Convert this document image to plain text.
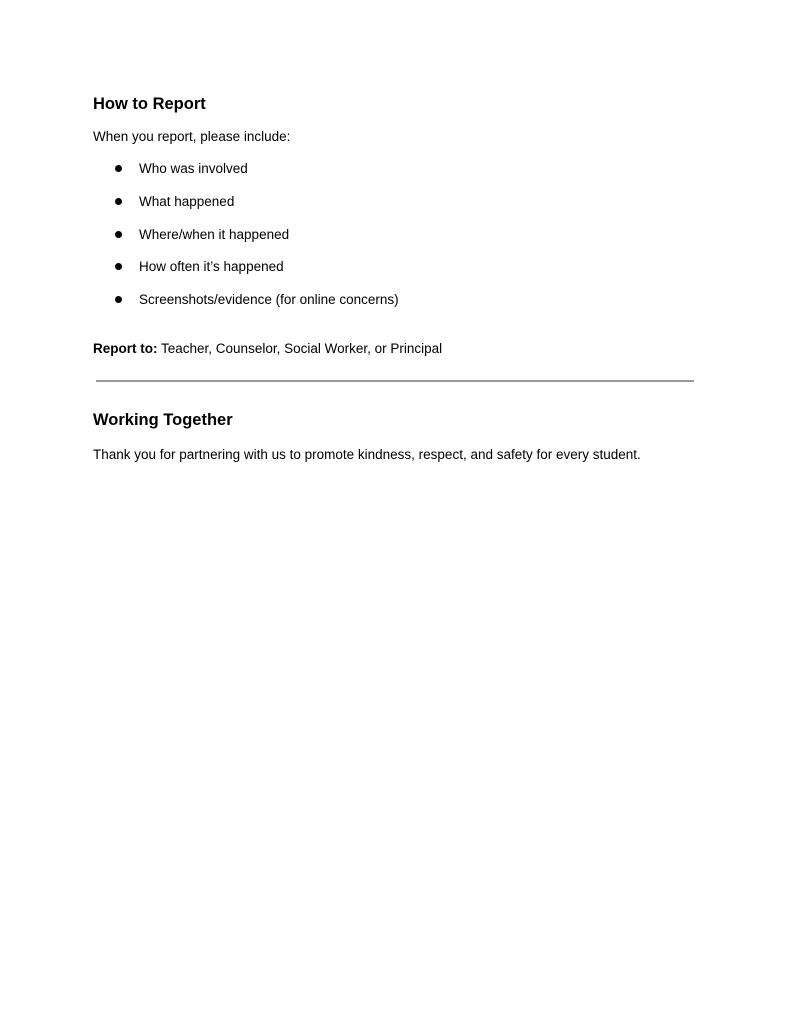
How to Report

When you report, please include:

Who was involved
What happened
Where/when it happened
How often it’s happened
Screenshots/evidence (for online concerns)

Report to: Teacher, Counselor, Social Worker, or Principal

Working Together

Thank you for partnering with us to promote kindness, respect, and safety for every student.
